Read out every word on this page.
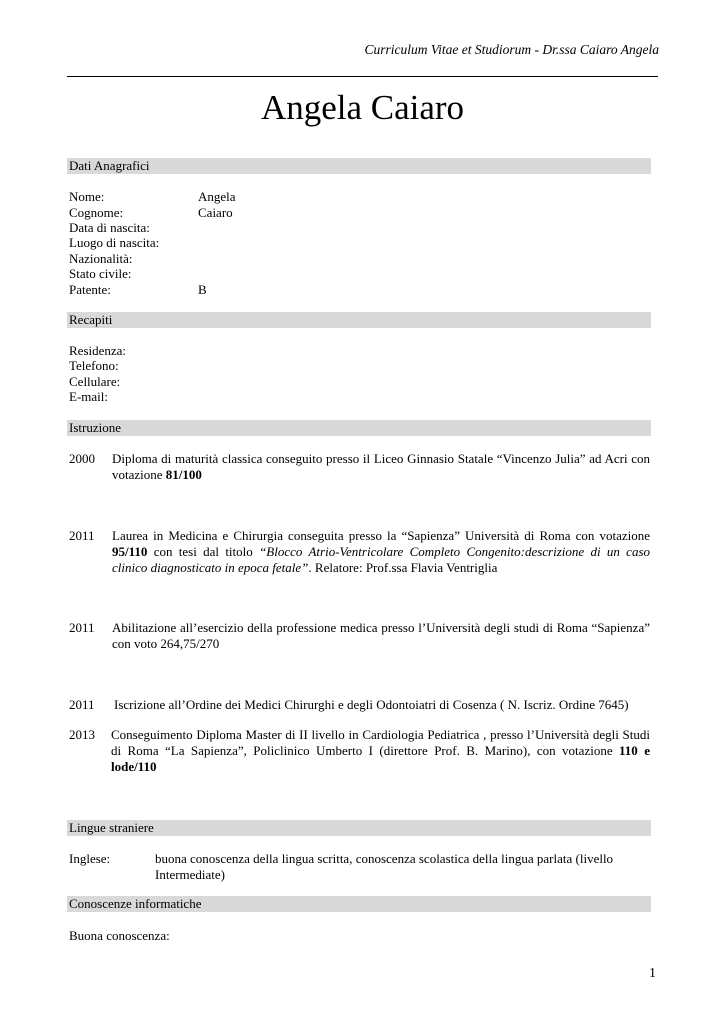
Curriculum Vitae et Studiorum - Dr.ssa Caiaro Angela
Angela Caiaro
Dati Anagrafici
Nome:	Angela
Cognome:	Caiaro
Data di nascita:
Luogo di nascita:
Nazionalità:
Stato civile:
Patente:	B
Recapiti
Residenza:
Telefono:
Cellulare:
E-mail:
Istruzione
2000 Diploma di maturità classica conseguito presso il Liceo Ginnasio Statale “Vincenzo Julia” ad Acri con votazione 81/100
2011 Laurea in Medicina e Chirurgia conseguita presso la “Sapienza” Università di Roma con votazione 95/110 con tesi dal titolo “Blocco Atrio-Ventricolare Completo Congenito:descrizione di un caso clinico diagnosticato in epoca fetale”. Relatore: Prof.ssa Flavia Ventriglia
2011 Abilitazione all’esercizio della professione medica presso l’Università degli studi di Roma “Sapienza” con voto 264,75/270
2011 Iscrizione all’Ordine dei Medici Chirurghi e degli Odontoiatri di Cosenza ( N. Iscriz. Ordine 7645)
2013 Conseguimento Diploma Master di II livello in Cardiologia Pediatrica , presso l’Università degli Studi di Roma “La Sapienza”, Policlinico Umberto I (direttore Prof. B. Marino), con votazione 110 e lode/110
Lingue straniere
Inglese:	buona conoscenza della lingua scritta, conoscenza scolastica della lingua parlata (livello Intermediate)
Conoscenze informatiche
Buona conoscenza:
1
